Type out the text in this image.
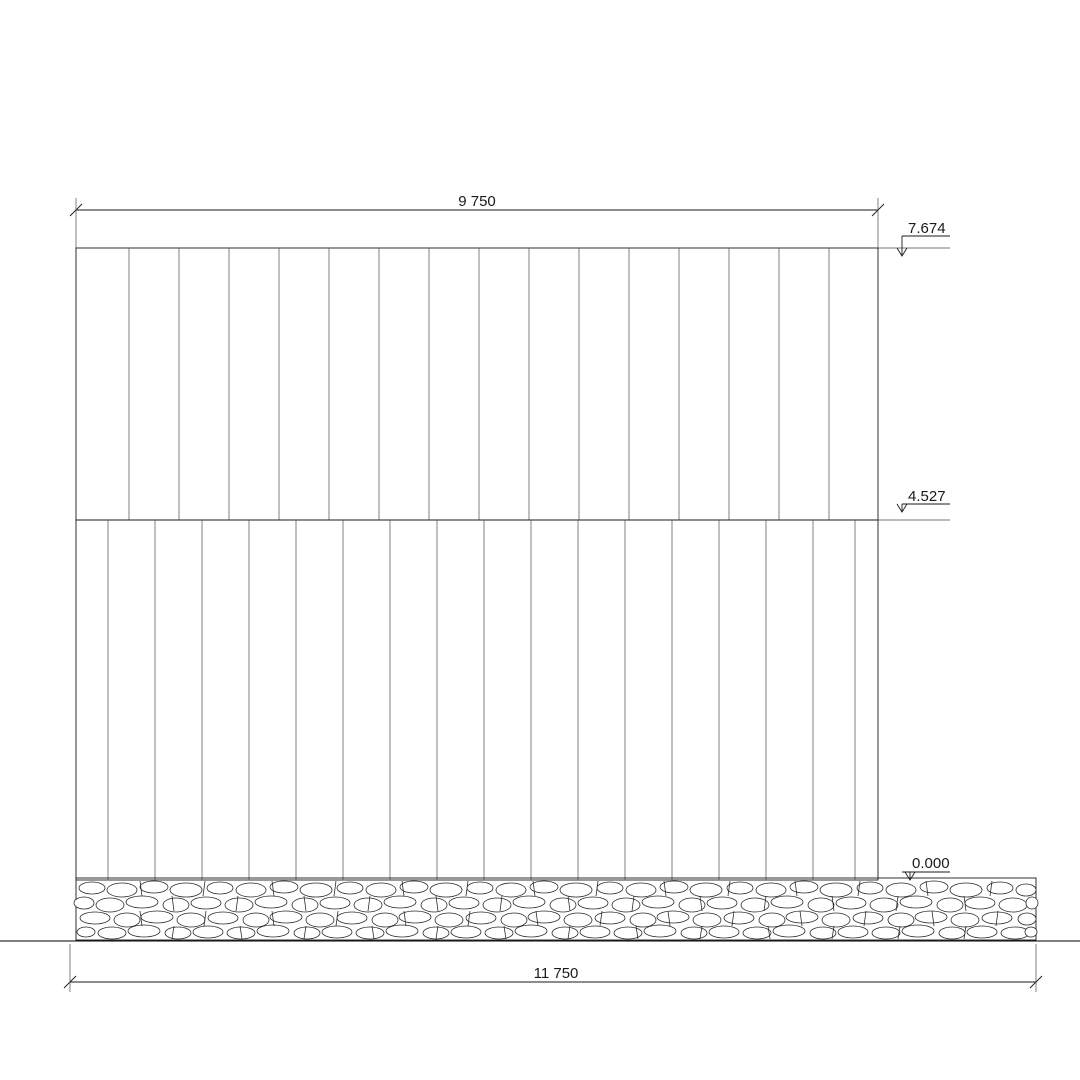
9 750
7.674
4.527
0.000
11 750
